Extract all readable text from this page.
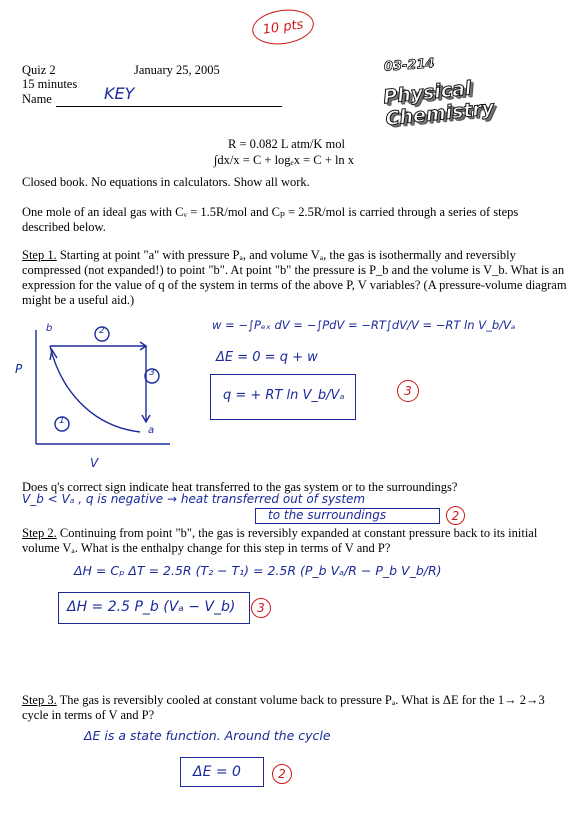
10 pts
Quiz 2
15 minutes
Name	KEY
January 25, 2005	03-214
Physical Chemistry
R = 0.082 L atm/K mol
∫dx/x = C + logₑx = C + ln x
Closed book. No equations in calculators. Show all work.
One mole of an ideal gas with Cᵥ = 1.5R/mol and Cₚ = 2.5R/mol is carried through a series of steps described below.
Step 1. Starting at point "a" with pressure Pₐ, and volume Vₐ, the gas is isothermally and reversibly compressed (not expanded!) to point "b". At point "b" the pressure is P_b and the volume is V_b. What is an expression for the value of q of the system in terms of the above P, V variables? (A pressure-volume diagram might be a useful aid.)
P
V
b
a
1
2
3
w = −∫Pₑₓ dV = −∫PdV = −RT∫dV/V = −RT ln V_b/Vₐ
ΔE = 0 = q + w
q = + RT ln V_b/Vₐ	3
Does q's correct sign indicate heat transferred to the gas system or to the surroundings?
V_b < Vₐ , q is negative → heat transferred out of system
to the surroundings	2
Step 2. Continuing from point "b", the gas is reversibly expanded at constant pressure back to its initial volume Vₐ. What is the enthalpy change for this step in terms of V and P?
ΔH = Cₚ ΔT = 2.5R (T₂ − T₁) = 2.5R (P_b Vₐ/R − P_b V_b/R)
ΔH = 2.5 P_b (Vₐ − V_b) 3
Step 3. The gas is reversibly cooled at constant volume back to pressure Pₐ. What is ΔE for the 1→ 2→3 cycle in terms of V and P?
ΔE is a state function. Around the cycle
ΔE = 0	2
